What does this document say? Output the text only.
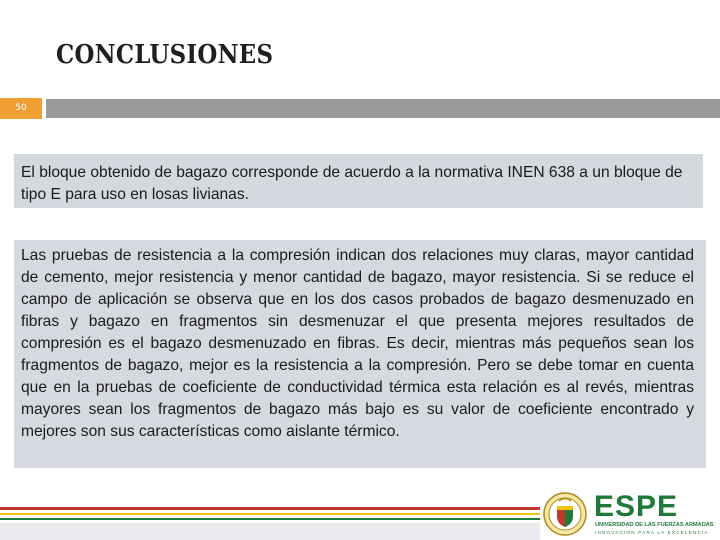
CONCLUSIONES
50
El bloque obtenido de bagazo corresponde de acuerdo a la normativa INEN 638 a un bloque de tipo E para uso en losas livianas.
Las pruebas de resistencia a la compresión indican dos relaciones muy claras, mayor cantidad de cemento, mejor resistencia y menor cantidad de bagazo, mayor resistencia. Si se reduce el campo de aplicación se observa que en los dos casos probados de bagazo desmenuzado en fibras y bagazo en fragmentos sin desmenuzar el que presenta mejores resultados de compresión es el bagazo desmenuzado en fibras. Es decir, mientras más pequeños sean los fragmentos de bagazo, mejor es la resistencia a la compresión. Pero se debe tomar en cuenta que en la pruebas de coeficiente de conductividad térmica esta relación es al revés, mientras mayores sean los fragmentos de bagazo más bajo es su valor de coeficiente encontrado y mejores son sus características como aislante térmico.
ESPE
UNIVERSIDAD DE LAS FUERZAS ARMADAS
INNOVACIÓN PARA LA EXCELENCIA
